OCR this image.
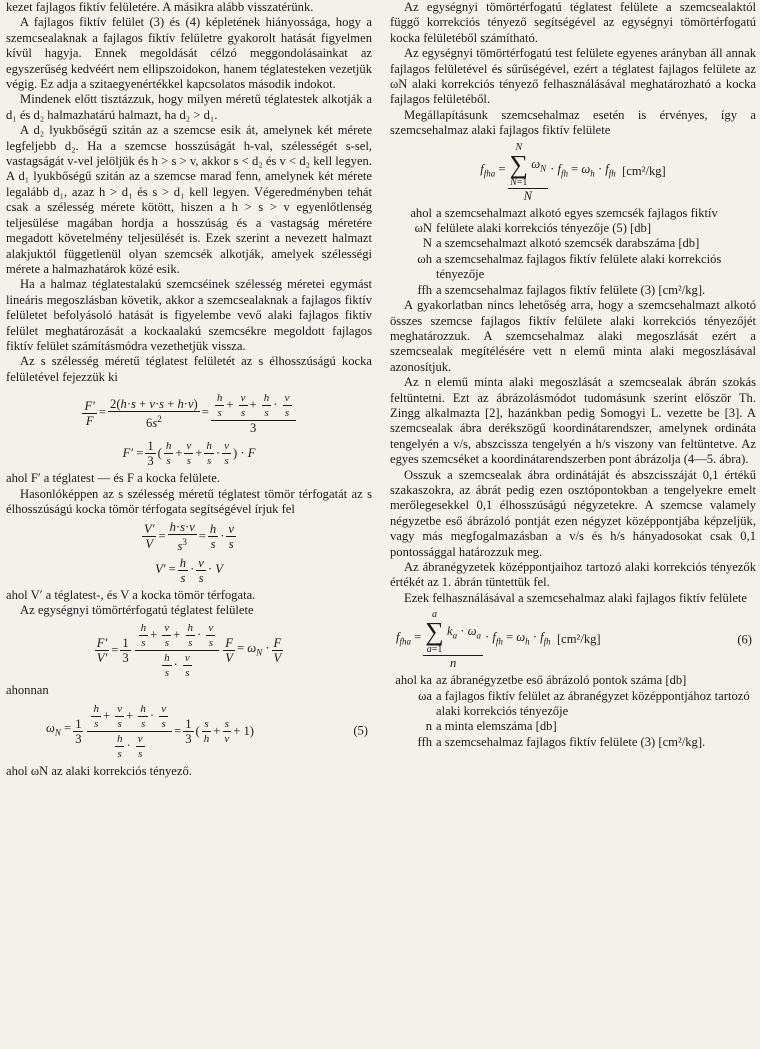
kezet fajlagos fiktív felületére. A másikra alább visszatérünk.

A fajlagos fiktív felület (3) és (4) képletének hiányossága, hogy a szemcsealaknak a fajlagos fiktív felületre gyakorolt hatását figyelmen kívül hagyja. Ennek megoldását célzó meggondolásainkat az egyszerűség kedvéért nem ellipszoidokon, hanem téglatesteken vezetjük végig. Ez adja a szitaegyenértékkel kapcsolatos második indokot.

Mindenek előtt tisztázzuk, hogy milyen méretű téglatestek alkotják a d₁ és d₂ halmazhatárú halmazt, ha d₂ > d₁.

A d₂ lyukbőségű szitán az a szemcse esik át, amelynek két mérete legfeljebb d₂. Ha a szemcse hosszúságát h-val, szélességét s-sel, vastagságát v-vel jelöljük és h > s > v, akkor s < d₂ és v < d₂ kell legyen. A d₁ lyukbőségű szitán az a szemcse marad fenn, amelynek két mérete legalább d₁, azaz h > d₁ és s > d₁ kell legyen. Végeredményben tehát csak a szélesség mérete kötött, hiszen a h > s > v egyenlőtlenség teljesülése magában hordja a hosszúság és a vastagság méretére megadott követelmény teljesülését is. Ezek szerint a nevezett halmazt alakjuktól függetlenül olyan szemcsék alkotják, amelyek szélességi mérete a halmazhatárok közé esik.

Ha a halmaz téglatestalakú szemcséinek szélesség méretei egymást lineáris megoszlásban követik, akkor a szemcsealaknak a fajlagos fiktív felületet befolyásoló hatását is figyelembe vevő alaki fajlagos fiktív felület meghatározását a kockaalakú szemcsékre megoldott fajlagos fiktív felület számításmódra vezethetjük vissza.

Az s szélesség méretű téglatest felületét az s élhosszúságú kocka felületével fejezzük ki

$\frac{F'}{F} = \frac{2(h\cdot s + v\cdot s + h\cdot v)}{6s^2} = \frac{\frac{h}{s} + \frac{v}{s} + \frac{h}{s} \cdot \frac{v}{s}}{3}$
$F' = \frac{1}{3}$ ( $\frac{h}{s} + \frac{v}{s} + \frac{h}{s} \cdot \frac{v}{s}$ ) · F

ahol F′ a téglatest — és F a kocka felülete.

Hasonlóképpen az s szélesség méretű téglatest tömör térfogatát az s élhosszúságú kocka tömör térfogata segítségével írjuk fel

$\frac{V'}{V} = \frac{h\cdot s\cdot v}{s^3} = \frac{h}{s} \cdot \frac{v}{s}$
$V' = \frac{h}{s} \cdot \frac{v}{s} \cdot V$

ahol V′ a téglatest-, és V a kocka tömör térfogata.

Az egységnyi tömörtérfogatú téglatest felülete

$\frac{F'}{V'} = \frac{1}{3} \frac{\frac{h}{s} + \frac{v}{s} + \frac{h}{s} \cdot \frac{v}{s}}{\frac{h}{s} \cdot \frac{v}{s}} \frac{F}{V} = \omega_N \cdot \frac{F}{V}$

ahonnan

$\omega_N = \frac{1}{3} \frac{\frac{h}{s} + \frac{v}{s} + \frac{h}{s} \cdot \frac{v}{s}}{\frac{h}{s} \cdot \frac{v}{s}} = \frac{1}{3}$ ( $\frac{s}{h} + \frac{s}{v} + 1$)	(5)

ahol ωN az alaki korrekciós tényező.

Az egységnyi tömörtérfogatú téglatest felülete a szemcsealaktól függő korrekciós tényező segítségével az egységnyi tömörtérfogatú kocka felületéből számítható.

Az egységnyi tömörtérfogatú test felülete egyenes arányban áll annak fajlagos felületével és sűrűségével, ezért a téglatest fajlagos felülete az ωN alaki korrekciós tényező felhasználásával meghatározható a kocka fajlagos felületéből.

Megállapításunk szemcsehalmaz esetén is érvényes, így a szemcsehalmaz alaki fajlagos fiktív felülete

$f_{fha} = N$
∑
N=1
$\omega_N$
$N \cdot f_{fh} = \omega_h \cdot f_{fh}$ [cm²/kg]
ahol ωN
a szemcsehalmazt alkotó egyes szemcsék fajlagos fiktív felülete alaki korrekciós tényezője (5) [db]
N a szemcsehalmazt alkotó szemcsék darabszáma [db]
ωh a szemcsehalmaz fajlagos fiktív felülete alaki korrekciós tényezője
ffh a szemcsehalmaz fajlagos fiktív felülete (3) [cm²/kg].

A gyakorlatban nincs lehetőség arra, hogy a szemcsehalmazt alkotó összes szemcse fajlagos fiktív felülete alaki korrekciós tényezőjét meghatározzuk. A szemcsehalmaz alaki megoszlását ezért a szemcsealak megítélésére vett n elemű minta alaki megoszlásával azonosítjuk.

Az n elemű minta alaki megoszlását a szemcsealak ábrán szokás feltüntetni. Ezt az ábrázolásmódot tudomásunk szerint először Th. Zingg alkalmazta [2], hazánkban pedig Somogyi L. vezette be [3]. A szemcsealak ábra derékszögű koordinátarendszer, amelynek ordináta tengelyén a v/s, abszcissza tengelyén a h/s viszony van feltüntetve. Az egyes szemcséket a koordinátarendszerben pont ábrázolja (4—5. ábra).

Osszuk a szemcsealak ábra ordinátáját és abszcisszáját 0,1 értékű szakaszokra, az ábrát pedig ezen osztópontokban a tengelyekre emelt merőlegesekkel 0,1 élhosszúságú négyzetekre. A szemcse valamely négyzetbe eső ábrázoló pontját ezen négyzet középpontjába képzeljük, vagy más megfogalmazásban a v/s és h/s hányadosokat csak 0,1 pontossággal határozzuk meg.

Az ábranégyzetek középpontjaihoz tartozó alaki korrekciós tényezők értékét az 1. ábrán tüntettük fel.

Ezek felhasználásával a szemcsehalmaz alaki fajlagos fiktív felülete

$f_{fha} = a$
∑
a=1
$k_a \cdot \omega_a$
$n \cdot f_{fh} = \omega_h \cdot f_{fh}$ [cm²/kg]	(6)
ahol ka az ábranégyzetbe eső ábrázoló pontok száma [db]
ωa a fajlagos fiktív felület az ábranégyzet középpontjához tartozó alaki korrekciós tényezője
n a minta elemszáma [db]
ffh a szemcsehalmaz fajlagos fiktív felülete (3) [cm²/kg].
